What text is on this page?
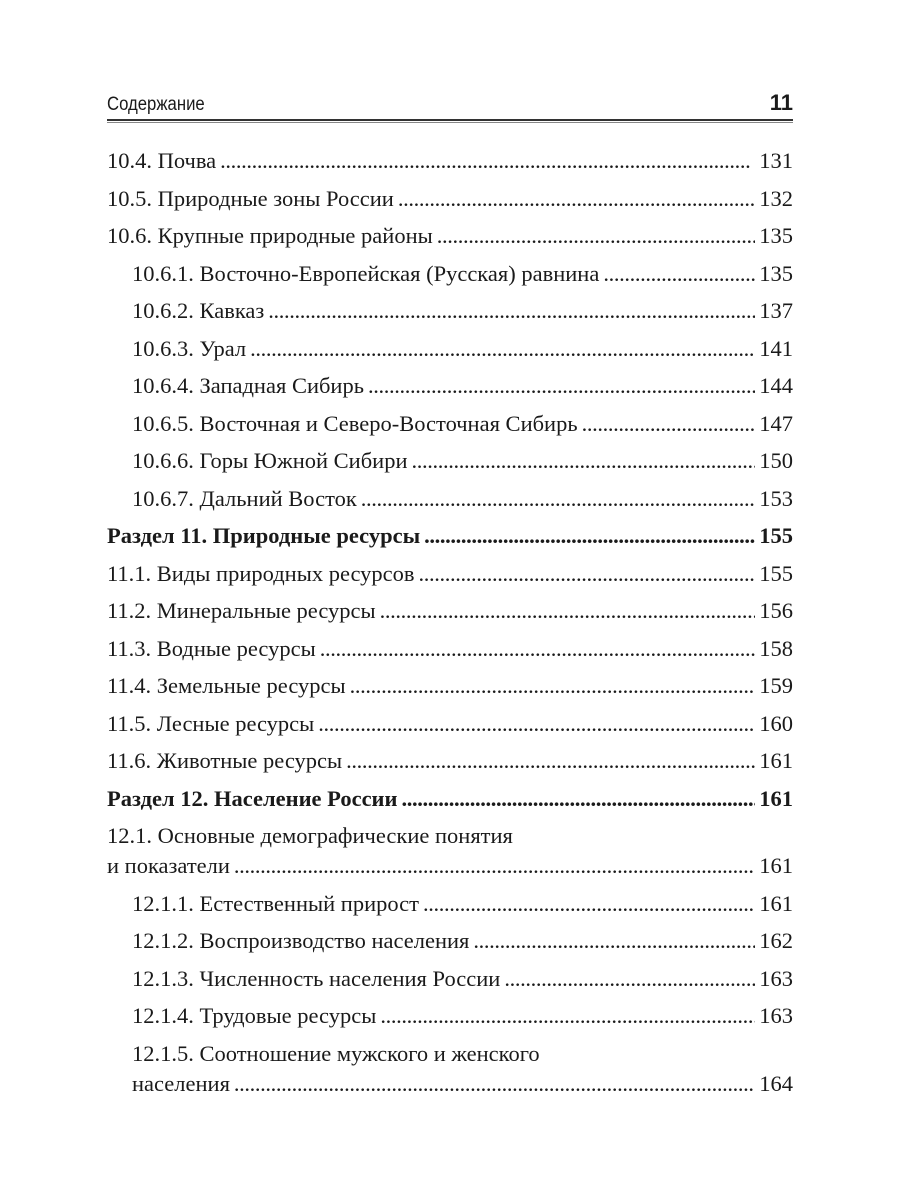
Содержание	11
10.4. Почва . . .	131
10.5. Природные зоны России . . .	132
10.6. Крупные природные районы . . .	135
10.6.1. Восточно-Европейская (Русская) равнина . . .	135
10.6.2. Кавказ . . .	137
10.6.3. Урал . . .	141
10.6.4. Западная Сибирь . . .	144
10.6.5. Восточная и Северо-Восточная Сибирь . . .	147
10.6.6. Горы Южной Сибири . . .	150
10.6.7. Дальний Восток . . .	153
Раздел 11. Природные ресурсы . . .	155
11.1. Виды природных ресурсов . . .	155
11.2. Минеральные ресурсы . . .	156
11.3. Водные ресурсы . . .	158
11.4. Земельные ресурсы . . .	159
11.5. Лесные ресурсы . . .	160
11.6. Животные ресурсы . . .	161
Раздел 12. Население России . . .	161
12.1. Основные демографические понятия
и показатели . . .	161
12.1.1. Естественный прирост . . .	161
12.1.2. Воспроизводство населения . . .	162
12.1.3. Численность населения России . . .	163
12.1.4. Трудовые ресурсы . . .	163
12.1.5. Соотношение мужского и женского
населения . . .	164
